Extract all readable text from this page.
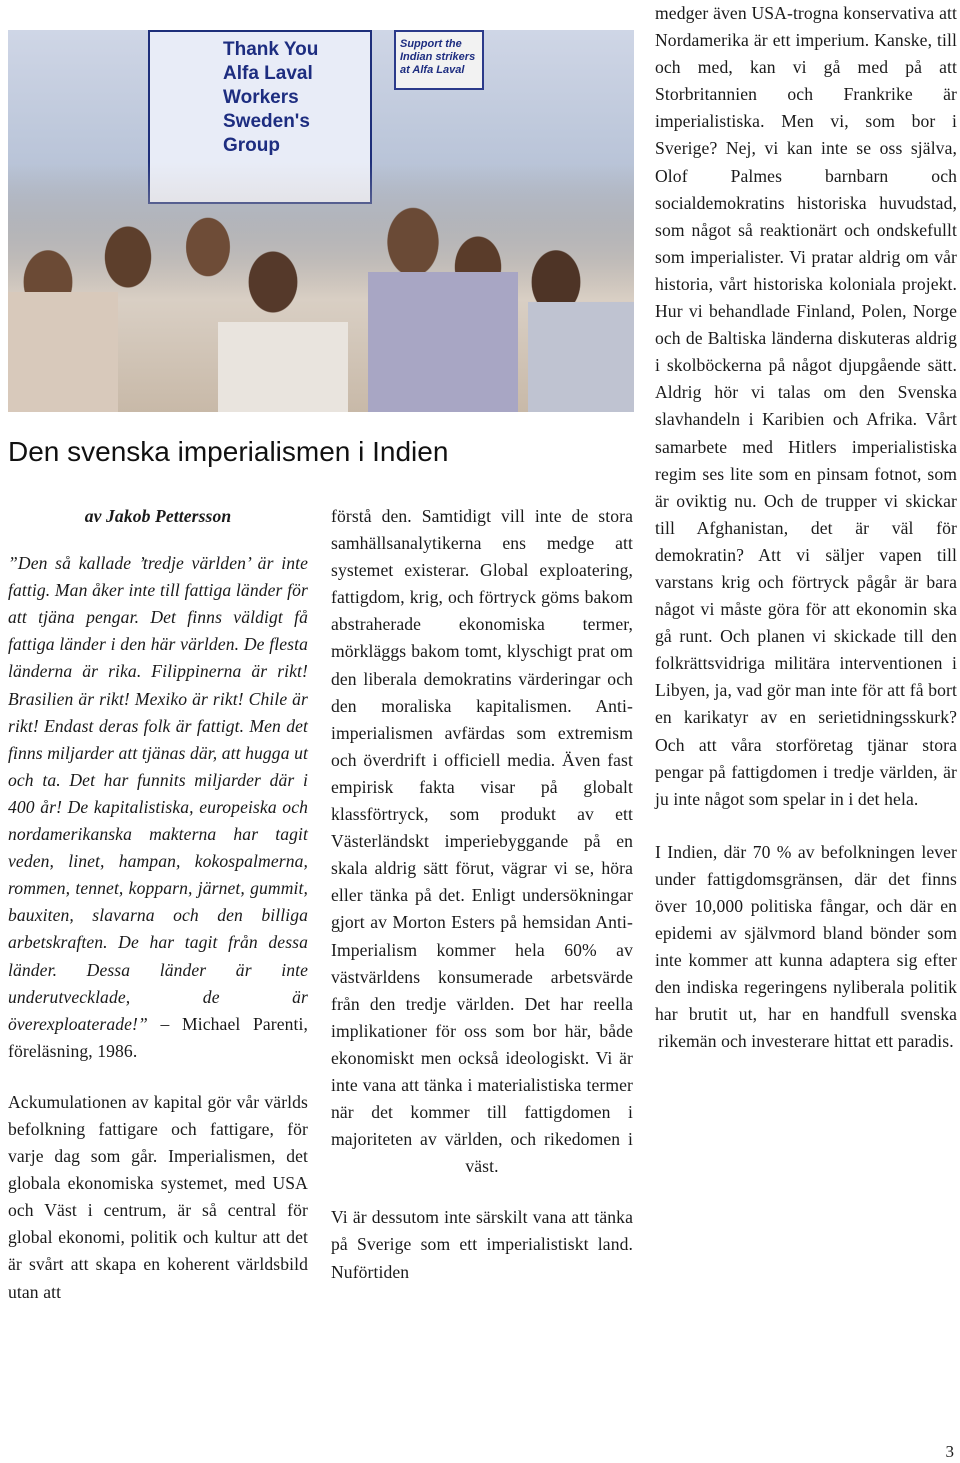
Thank You Alfa Laval Workers Sweden's Group
Support the Indian strikers at Alfa Laval
Den svenska imperialismen i Indien

av Jakob Pettersson

”Den så kallade ’tredje världen’ är inte fattig. Man åker inte till fattiga länder för att tjäna pengar. Det finns väldigt få fattiga länder i den här världen. De flesta länderna är rika. Filippinerna är rikt! Brasilien är rikt! Mexiko är rikt! Chile är rikt! Endast deras folk är fattigt. Men det finns miljarder att tjänas där, att hugga ut och ta. Det har funnits miljarder där i 400 år! De kapitalistiska, europeiska och nordamerikanska makterna har tagit veden, linet, hampan, kokospalmerna, rommen, tennet, kopparn, järnet, gummit, bauxiten, slavarna och den billiga arbetskraften. De har tagit från dessa länder. Dessa länder är inte underutvecklade, de är överexploaterade!” – Michael Parenti, föreläsning, 1986.

Ackumulationen av kapital gör vår världs befolkning fattigare och fattigare, för varje dag som går. Imperialismen, det globala ekonomiska systemet, med USA och Väst i centrum, är så central för global ekonomi, politik och kultur att det är svårt att skapa en koherent världsbild utan att

förstå den. Samtidigt vill inte de stora samhällsanalytikerna ens medge att systemet existerar. Global exploatering, fattigdom, krig, och förtryck göms bakom abstraherade ekonomiska termer, mörkläggs bakom tomt, klyschigt prat om den liberala demokratins värderingar och den moraliska kapitalismen. Anti-imperialismen avfärdas som extremism och överdrift i officiell media. Även fast empirisk fakta visar på globalt klassförtryck, som produkt av ett Västerländskt imperiebyggande på en skala aldrig sätt förut, vägrar vi se, höra eller tänka på det. Enligt undersökningar gjort av Morton Esters på hemsidan Anti-Imperialism kommer hela 60% av västvärldens konsumerade arbetsvärde från den tredje världen. Det har reella implikationer för oss som bor här, både ekonomiskt men också ideologiskt. Vi är inte vana att tänka i materialistiska termer när det kommer till fattigdomen i majoriteten av världen, och rikedomen i väst.

Vi är dessutom inte särskilt vana att tänka på Sverige som ett imperialistiskt land. Nuförtiden

medger även USA-trogna konservativa att Nordamerika är ett imperium. Kanske, till och med, kan vi gå med på att Storbritannien och Frankrike är imperialistiska. Men vi, som bor i Sverige? Nej, vi kan inte se oss själva, Olof Palmes barnbarn och socialdemokratins historiska huvudstad, som något så reaktionärt och ondskefullt som imperialister. Vi pratar aldrig om vår historia, vårt historiska koloniala projekt. Hur vi behandlade Finland, Polen, Norge och de Baltiska länderna diskuteras aldrig i skolböckerna på något djupgående sätt. Aldrig hör vi talas om den Svenska slavhandeln i Karibien och Afrika. Vårt samarbete med Hitlers imperialistiska regim ses lite som en pinsam fotnot, som är oviktig nu. Och de trupper vi skickar till Afghanistan, det är väl för demokratin? Att vi säljer vapen till varstans krig och förtryck pågår är bara något vi måste göra för att ekonomin ska gå runt. Och planen vi skickade till den folkrättsvidriga militära interventionen i Libyen, ja, vad gör man inte för att få bort en karikatyr av en serietidningsskurk? Och att våra storföretag tjänar stora pengar på fattigdomen i tredje världen, är ju inte något som spelar in i det hela.

I Indien, där 70 % av befolkningen lever under fattigdomsgränsen, där det finns över 10,000 politiska fångar, och där en epidemi av självmord bland bönder som inte kommer att kunna adaptera sig efter den indiska regeringens nyliberala politik har brutit ut, har en handfull svenska rikemän och investerare hittat ett paradis.

3
